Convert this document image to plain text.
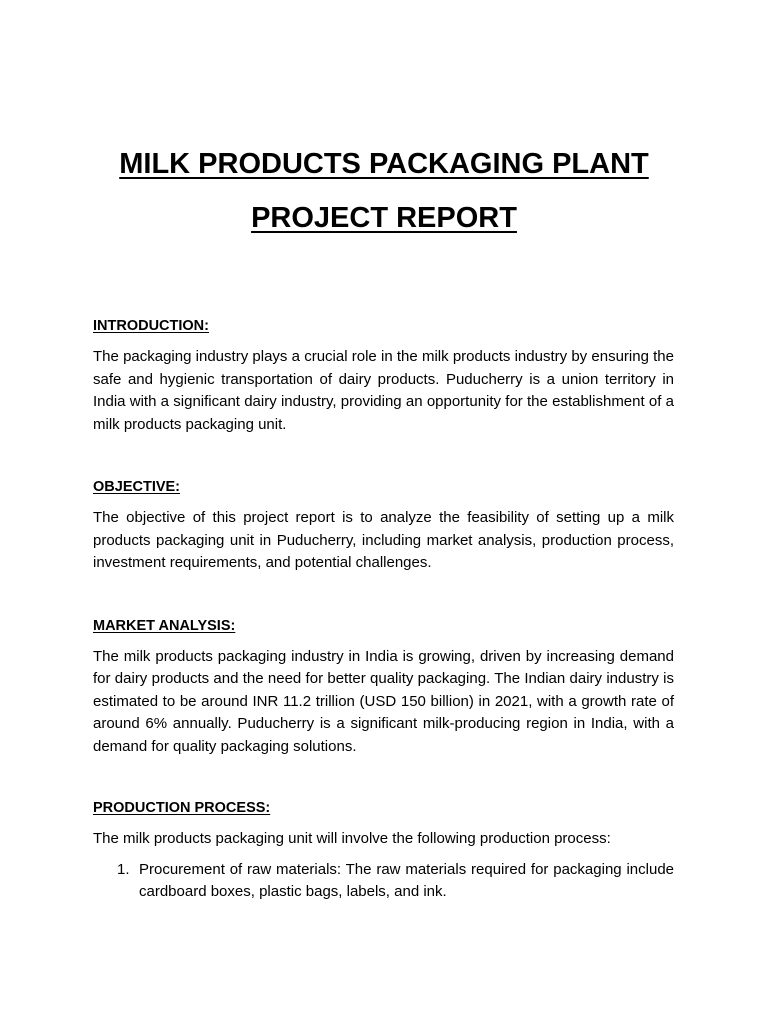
MILK PRODUCTS PACKAGING PLANT
PROJECT REPORT

INTRODUCTION:

The packaging industry plays a crucial role in the milk products industry by ensuring the safe and hygienic transportation of dairy products. Puducherry is a union territory in India with a significant dairy industry, providing an opportunity for the establishment of a milk products packaging unit.

OBJECTIVE:

The objective of this project report is to analyze the feasibility of setting up a milk products packaging unit in Puducherry, including market analysis, production process, investment requirements, and potential challenges.

MARKET ANALYSIS:

The milk products packaging industry in India is growing, driven by increasing demand for dairy products and the need for better quality packaging. The Indian dairy industry is estimated to be around INR 11.2 trillion (USD 150 billion) in 2021, with a growth rate of around 6% annually. Puducherry is a significant milk-producing region in India, with a demand for quality packaging solutions.

PRODUCTION PROCESS:

The milk products packaging unit will involve the following production process:

1. Procurement of raw materials: The raw materials required for packaging include cardboard boxes, plastic bags, labels, and ink.
